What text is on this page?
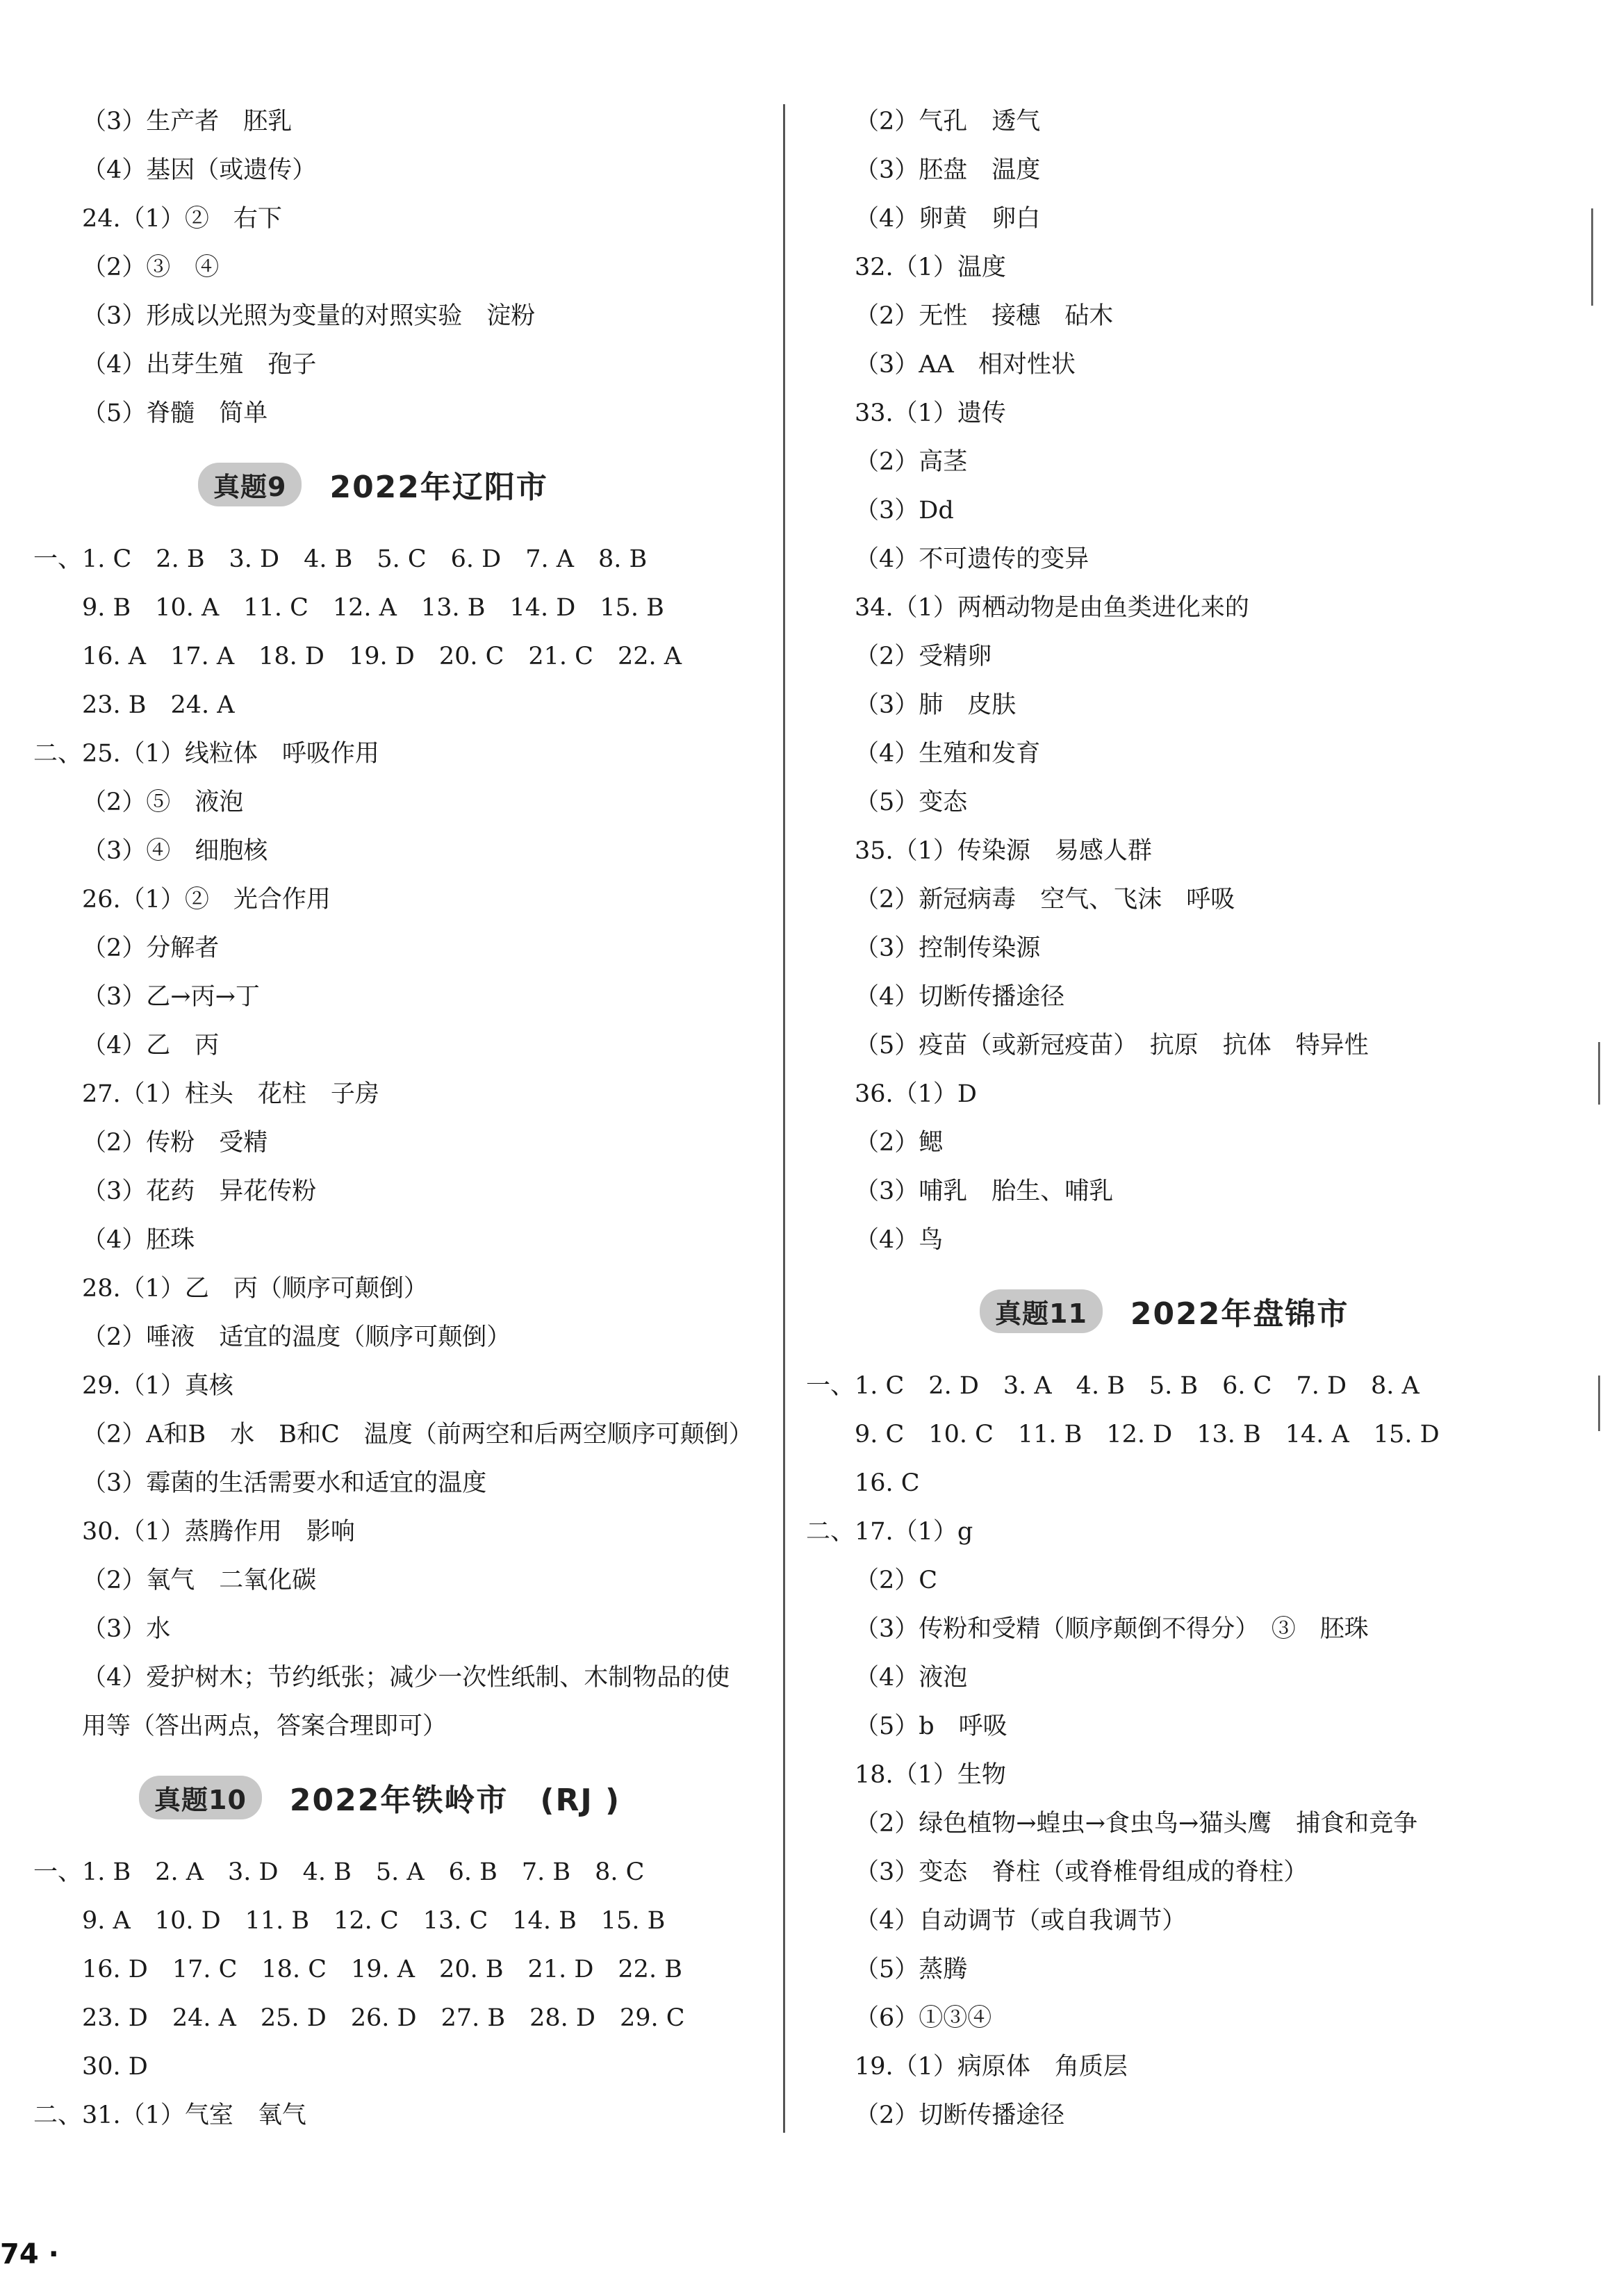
（3）生产者　胚乳
（4）基因（或遗传）
24.（1）②　右下
（2）③　④
（3）形成以光照为变量的对照实验　淀粉
（4）出芽生殖　孢子
（5）脊髓　简单
真题9	2022年辽阳市
一、1. C　2. B　3. D　4. B　5. C　6. D　7. A　8. B
9. B　10. A　11. C　12. A　13. B　14. D　15. B
16. A　17. A　18. D　19. D　20. C　21. C　22. A
23. B　24. A
二、25.（1）线粒体　呼吸作用
（2）⑤　液泡
（3）④　细胞核
26.（1）②　光合作用
（2）分解者
（3）乙→丙→丁
（4）乙　丙
27.（1）柱头　花柱　子房
（2）传粉　受精
（3）花药　异花传粉
（4）胚珠
28.（1）乙　丙（顺序可颠倒）
（2）唾液　适宜的温度（顺序可颠倒）
29.（1）真核
（2）A和B　水　B和C　温度（前两空和后两空顺序可颠倒）
（3）霉菌的生活需要水和适宜的温度
30.（1）蒸腾作用　影响
（2）氧气　二氧化碳
（3）水
（4）爱护树木；节约纸张；减少一次性纸制、木制物品的使
用等（答出两点，答案合理即可）
真题10	2022年铁岭市　(RJ )
一、1. B　2. A　3. D　4. B　5. A　6. B　7. B　8. C
9. A　10. D　11. B　12. C　13. C　14. B　15. B
16. D　17. C　18. C　19. A　20. B　21. D　22. B
23. D　24. A　25. D　26. D　27. B　28. D　29. C
30. D
二、31.（1）气室　氧气
（2）气孔　透气
（3）胚盘　温度
（4）卵黄　卵白
32.（1）温度
（2）无性　接穗　砧木
（3）AA　相对性状
33.（1）遗传
（2）高茎
（3）Dd
（4）不可遗传的变异
34.（1）两栖动物是由鱼类进化来的
（2）受精卵
（3）肺　皮肤
（4）生殖和发育
（5）变态
35.（1）传染源　易感人群
（2）新冠病毒　空气、飞沫　呼吸
（3）控制传染源
（4）切断传播途径
（5）疫苗（或新冠疫苗）　抗原　抗体　特异性
36.（1）D
（2）鳃
（3）哺乳　胎生、哺乳
（4）鸟
真题11	2022年盘锦市
一、1. C　2. D　3. A　4. B　5. B　6. C　7. D　8. A
9. C　10. C　11. B　12. D　13. B　14. A　15. D
16. C
二、17.（1）g
（2）C
（3）传粉和受精（顺序颠倒不得分）　③　胚珠
（4）液泡
（5）b　呼吸
18.（1）生物
（2）绿色植物→蝗虫→食虫鸟→猫头鹰　捕食和竞争
（3）变态　脊柱（或脊椎骨组成的脊柱）
（4）自动调节（或自我调节）
（5）蒸腾
（6）①③④
19.（1）病原体　角质层
（2）切断传播途径
74 ·
